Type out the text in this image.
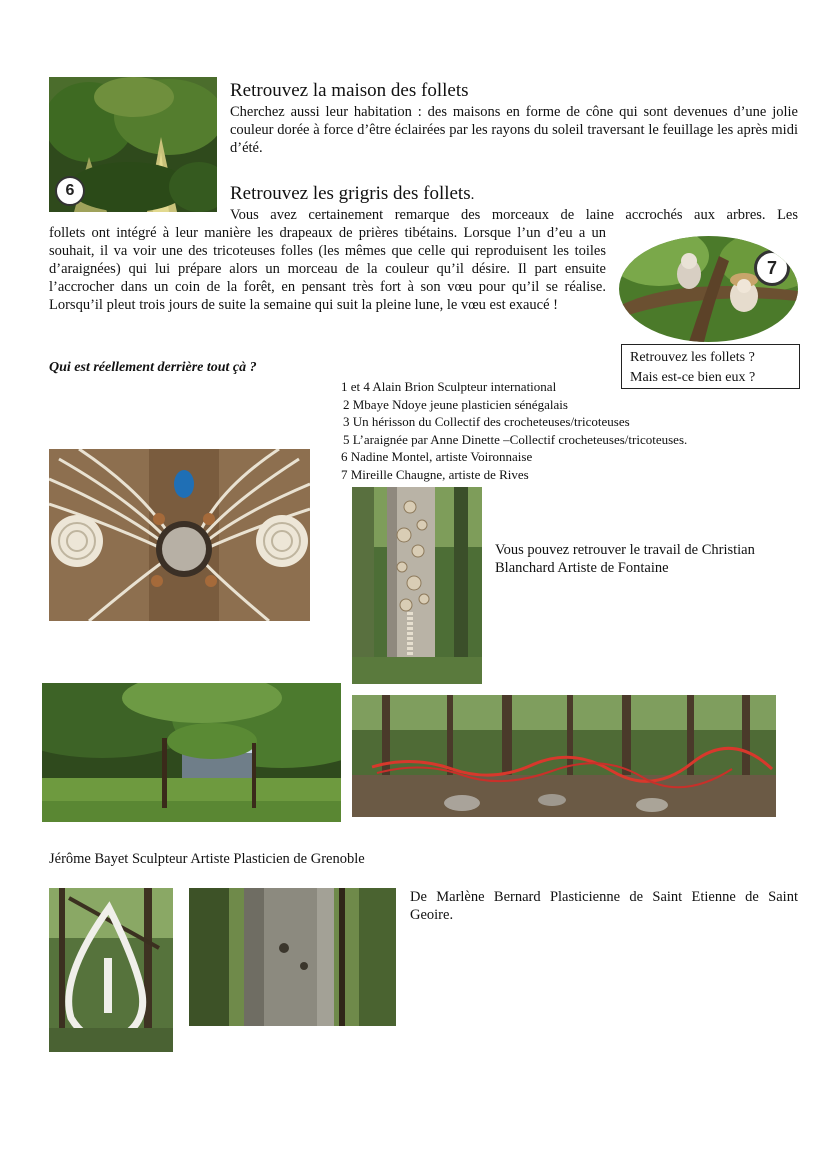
6
Retrouvez la maison des follets
Cherchez aussi leur habitation : des maisons en forme de cône qui sont devenues d’une jolie couleur dorée à force d’être éclairées par les rayons du soleil traversant le feuillage les après midi d’été.
Retrouvez les grigris des follets.
Vous avez certainement remarque des morceaux de laine accrochés aux arbres. Les
follets ont intégré à leur manière les drapeaux de prières tibétains. Lorsque l’un d’eu a un souhait, il va voir une des tricoteuses folles (les mêmes que celle qui reproduisent les toiles d’araignées) qui lui prépare alors un morceau de la couleur qu’il désire. Il part ensuite l’accrocher dans un coin de la forêt, en pensant très fort à son vœu pour qu’il se réalise. Lorsqu’il pleut trois jours de suite la semaine qui suit la pleine lune, le vœu est exaucé !
7
Retrouvez les follets ?
Mais est-ce bien eux ?
Qui est réellement derrière tout çà ?
1 et 4 Alain Brion Sculpteur international
2 Mbaye Ndoye jeune plasticien sénégalais
3 Un hérisson du Collectif des crocheteuses/tricoteuses
5 L’araignée par Anne Dinette –Collectif crocheteuses/tricoteuses.
6 Nadine Montel, artiste Voironnaise
7 Mireille Chaugne, artiste de Rives
Vous pouvez retrouver le travail de Christian Blanchard Artiste de Fontaine
Jérôme Bayet Sculpteur Artiste Plasticien de Grenoble
De Marlène Bernard Plasticienne de Saint Etienne de Saint Geoire.
